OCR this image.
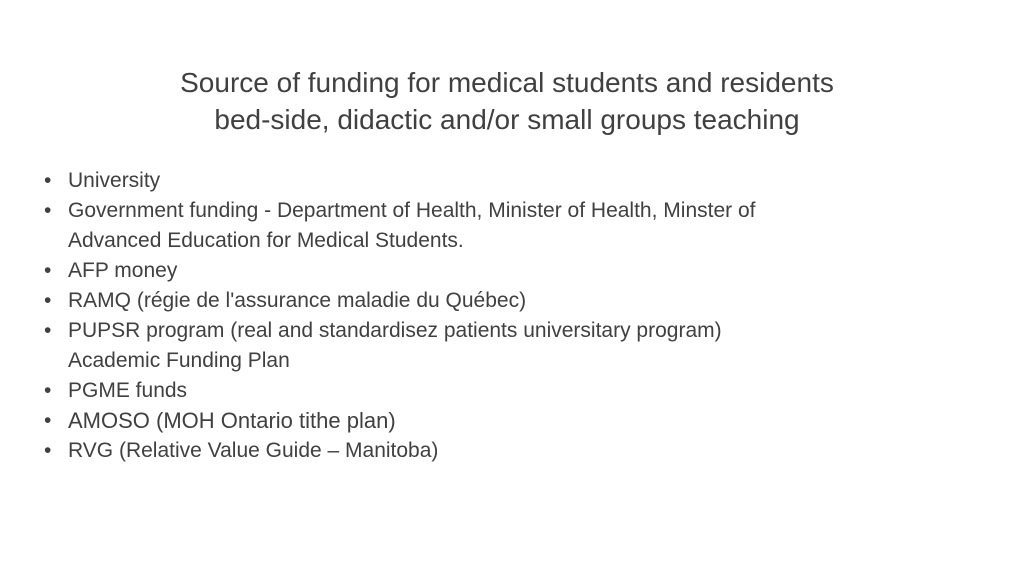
Source of funding for medical students and residents
bed-side, didactic and/or small groups teaching
• University
• Government funding - Department of Health, Minister of Health, Minster of
Advanced Education for Medical Students.
• AFP money
• RAMQ (régie de l'assurance maladie du Québec)
• PUPSR program (real and standardisez patients universitary program)
Academic Funding Plan
• PGME funds
• AMOSO (MOH Ontario tithe plan)
• RVG (Relative Value Guide – Manitoba)
